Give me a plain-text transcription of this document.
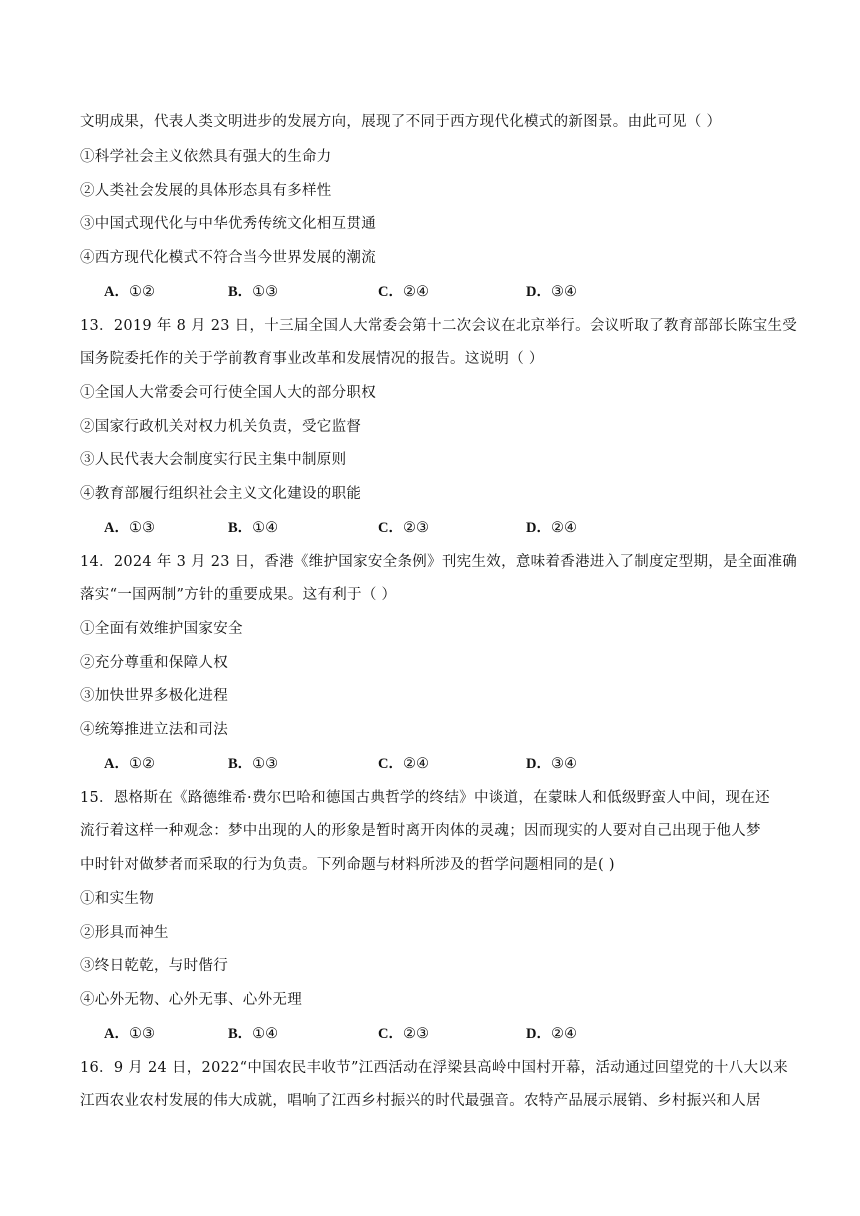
文明成果，代表人类文明进步的发展方向，展现了不同于西方现代化模式的新图景。由此可见（ ）
①科学社会主义依然具有强大的生命力
②人类社会发展的具体形态具有多样性
③中国式现代化与中华优秀传统文化相互贯通
④西方现代化模式不符合当今世界发展的潮流
A．①②	B．①③	C．②④	D．③④
13．2019 年 8 月 23 日，十三届全国人大常委会第十二次会议在北京举行。会议听取了教育部部长陈宝生受
国务院委托作的关于学前教育事业改革和发展情况的报告。这说明（ ）
①全国人大常委会可行使全国人大的部分职权
②国家行政机关对权力机关负责，受它监督
③人民代表大会制度实行民主集中制原则
④教育部履行组织社会主义文化建设的职能
A．①③	B．①④	C．②③	D．②④
14．2024 年 3 月 23 日，香港《维护国家安全条例》刊宪生效，意味着香港进入了制度定型期，是全面准确
落实“一国两制”方针的重要成果。这有利于（ ）
①全面有效维护国家安全
②充分尊重和保障人权
③加快世界多极化进程
④统筹推进立法和司法
A．①②	B．①③	C．②④	D．③④
15．恩格斯在《路德维希·费尔巴哈和德国古典哲学的终结》中谈道，在蒙昧人和低级野蛮人中间，现在还
流行着这样一种观念：梦中出现的人的形象是暂时离开肉体的灵魂；因而现实的人要对自己出现于他人梦
中时针对做梦者而采取的行为负责。下列命题与材料所涉及的哲学问题相同的是( )
①和实生物
②形具而神生
③终日乾乾，与时偕行
④心外无物、心外无事、心外无理
A．①③	B．①④	C．②③	D．②④
16．9 月 24 日，2022“中国农民丰收节”江西活动在浮梁县高岭中国村开幕，活动通过回望党的十八大以来
江西农业农村发展的伟大成就，唱响了江西乡村振兴的时代最强音。农特产品展示展销、乡村振兴和人居
